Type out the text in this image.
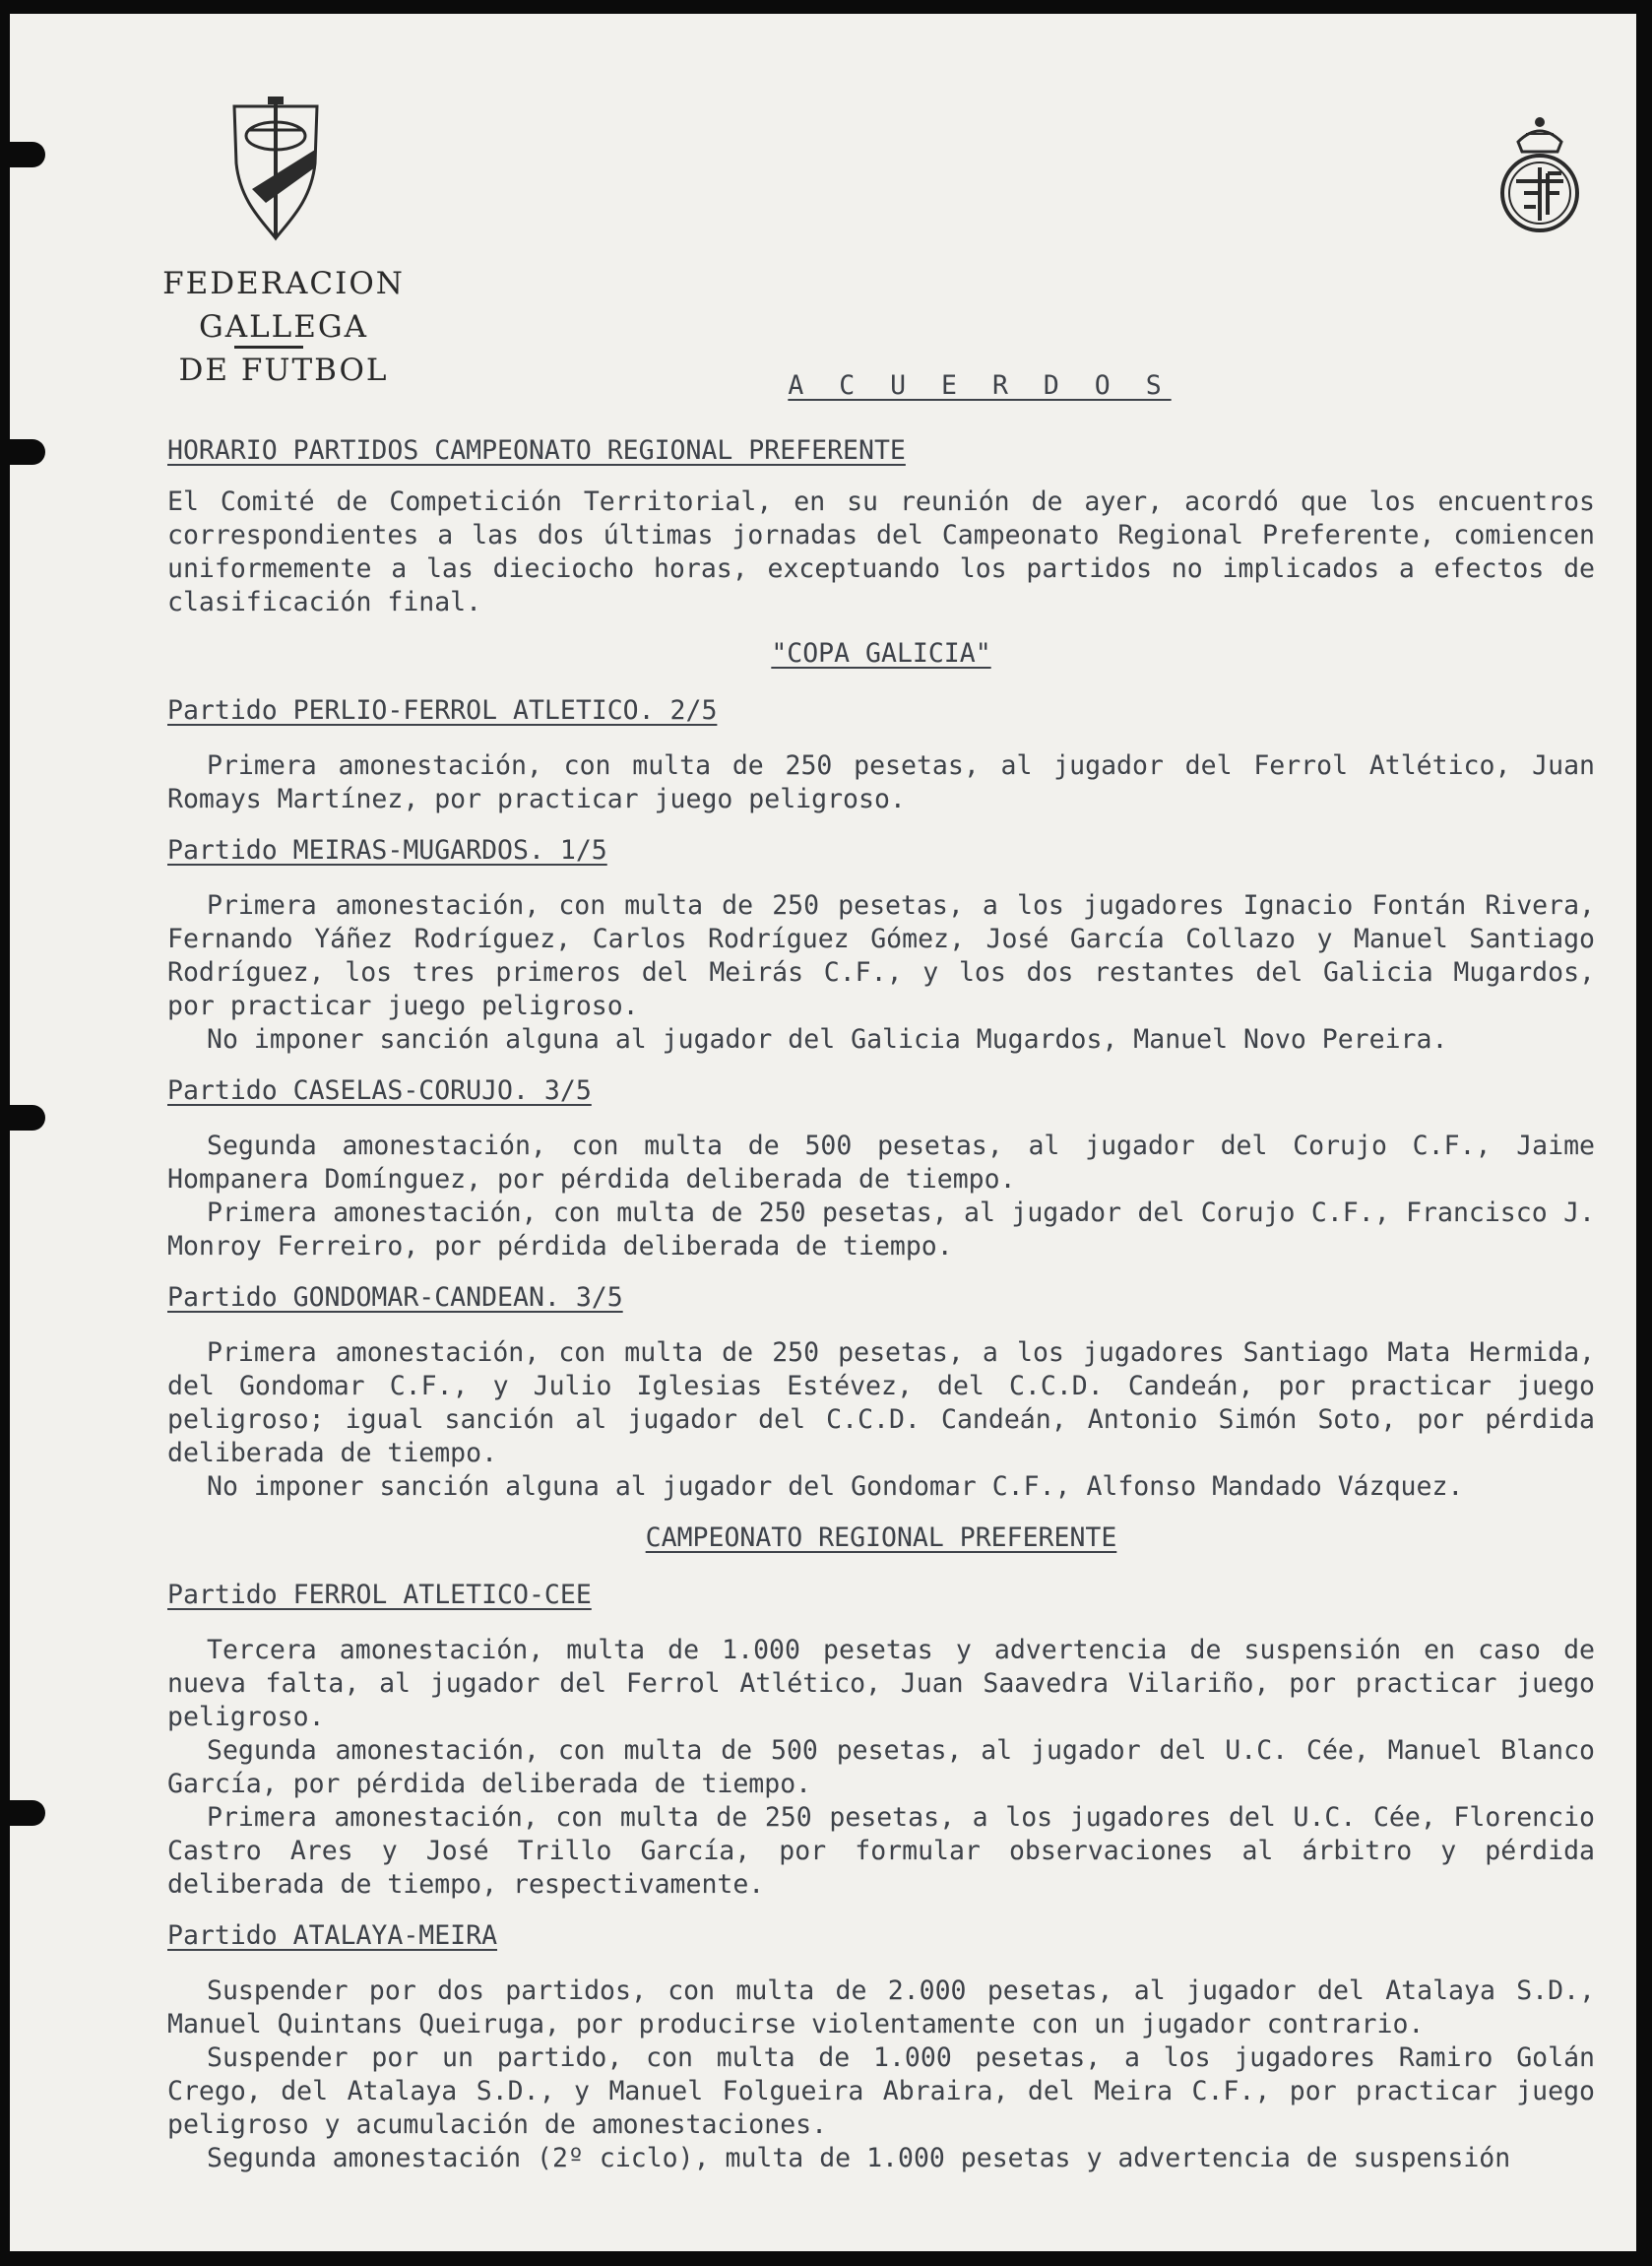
FEDERACION GALLEGA
DE FUTBOL	A C U E R D O S
HORARIO PARTIDOS CAMPEONATO REGIONAL PREFERENTE

El Comité de Competición Territorial, en su reunión de ayer, acordó que los encuentros correspondientes a las dos últimas jornadas del Campeonato Regional Preferente, comiencen uniformemente a las dieciocho horas, exceptuando los partidos no implicados a efectos de clasificación final.

"COPA GALICIA"
Partido PERLIO-FERROL ATLETICO. 2/5

Primera amonestación, con multa de 250 pesetas, al jugador del Ferrol Atlético, Juan Romays Martínez, por practicar juego peligroso.

Partido MEIRAS-MUGARDOS. 1/5

Primera amonestación, con multa de 250 pesetas, a los jugadores Ignacio Fontán Rivera, Fernando Yáñez Rodríguez, Carlos Rodríguez Gómez, José García Collazo y Manuel Santiago Rodríguez, los tres primeros del Meirás C.F., y los dos restantes del Galicia Mugardos, por practicar juego peligroso.

No imponer sanción alguna al jugador del Galicia Mugardos, Manuel Novo Pereira.

Partido CASELAS-CORUJO. 3/5

Segunda amonestación, con multa de 500 pesetas, al jugador del Corujo C.F., Jaime Hompanera Domínguez, por pérdida deliberada de tiempo.

Primera amonestación, con multa de 250 pesetas, al jugador del Corujo C.F., Francisco J. Monroy Ferreiro, por pérdida deliberada de tiempo.

Partido GONDOMAR-CANDEAN. 3/5

Primera amonestación, con multa de 250 pesetas, a los jugadores Santiago Mata Hermida, del Gondomar C.F., y Julio Iglesias Estévez, del C.C.D. Candeán, por practicar juego peligroso; igual sanción al jugador del C.C.D. Candeán, Antonio Simón Soto, por pérdida deliberada de tiempo.

No imponer sanción alguna al jugador del Gondomar C.F., Alfonso Mandado Vázquez.

CAMPEONATO REGIONAL PREFERENTE
Partido FERROL ATLETICO-CEE

Tercera amonestación, multa de 1.000 pesetas y advertencia de suspensión en caso de nueva falta, al jugador del Ferrol Atlético, Juan Saavedra Vilariño, por practicar juego peligroso.

Segunda amonestación, con multa de 500 pesetas, al jugador del U.C. Cée, Manuel Blanco García, por pérdida deliberada de tiempo.

Primera amonestación, con multa de 250 pesetas, a los jugadores del U.C. Cée, Florencio Castro Ares y José Trillo García, por formular observaciones al árbitro y pérdida deliberada de tiempo, respectivamente.

Partido ATALAYA-MEIRA

Suspender por dos partidos, con multa de 2.000 pesetas, al jugador del Atalaya S.D., Manuel Quintans Queiruga, por producirse violentamente con un jugador contrario.

Suspender por un partido, con multa de 1.000 pesetas, a los jugadores Ramiro Golán Crego, del Atalaya S.D., y Manuel Folgueira Abraira, del Meira C.F., por practicar juego peligroso y acumulación de amonestaciones.

Segunda amonestación (2º ciclo), multa de 1.000 pesetas y advertencia de suspensión
